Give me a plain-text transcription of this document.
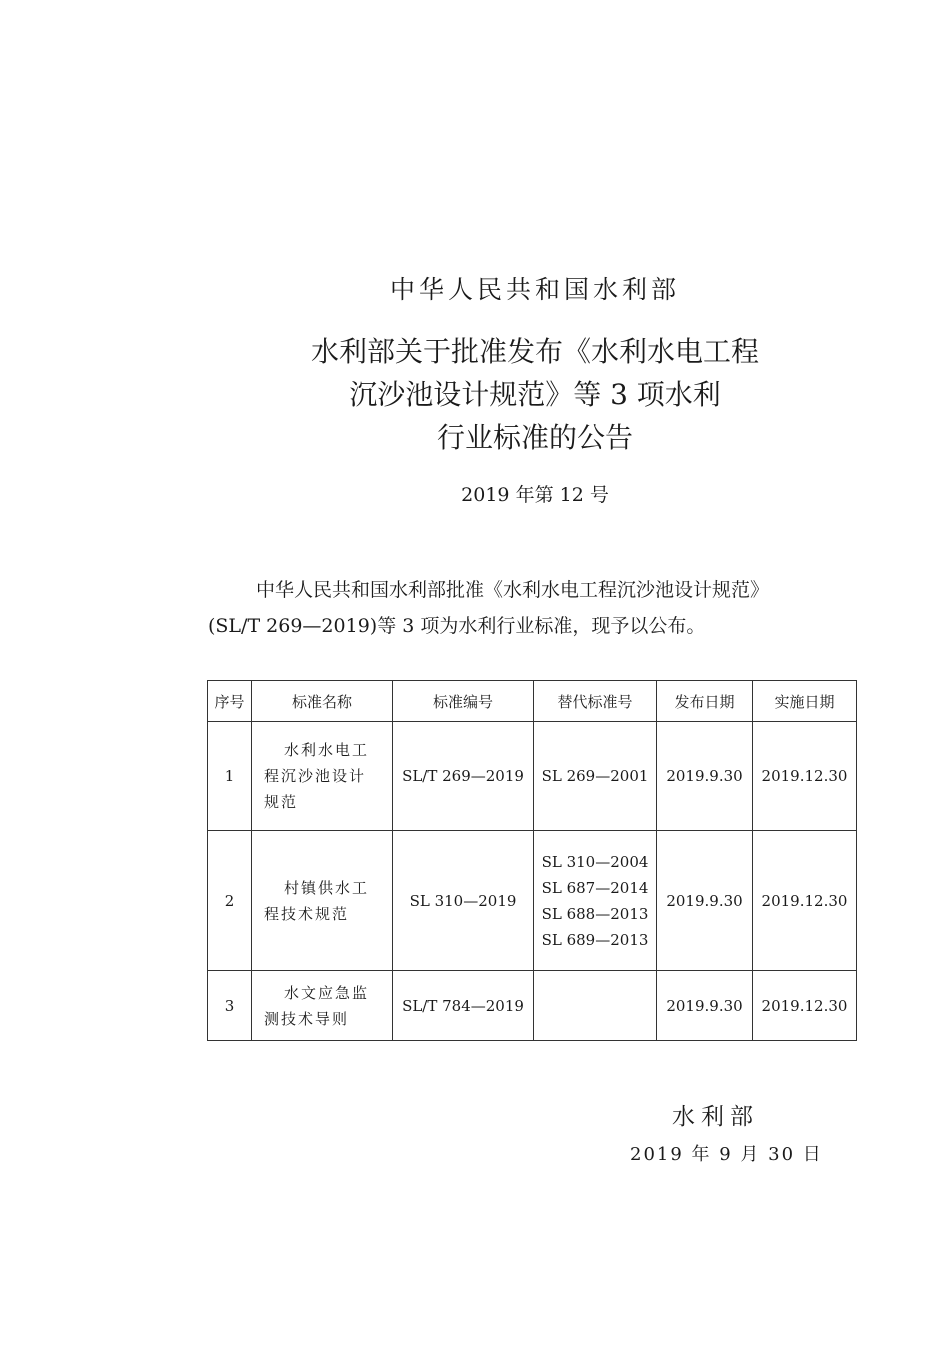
中华人民共和国水利部
水利部关于批准发布《水利水电工程
沉沙池设计规范》等 3 项水利
行业标准的公告
2019 年第 12 号

中华人民共和国水利部批准《水利水电工程沉沙池设计规范》

(SL/T 269—2019)等 3 项为水利行业标准，现予以公布。

序号	标准名称	标准编号	替代标准号	发布日期	实施日期
1	水利水电工
程沉沙池设计
规范	SL/T 269—2019	SL 269—2001	2019.9.30	2019.12.30
2	村镇供水工
程技术规范	SL 310—2019	SL 310—2004
SL 687—2014
SL 688—2013
SL 689—2013	2019.9.30	2019.12.30
3	水文应急监
测技术导则	SL/T 784—2019		2019.9.30	2019.12.30
水利部
2019 年 9 月 30 日
